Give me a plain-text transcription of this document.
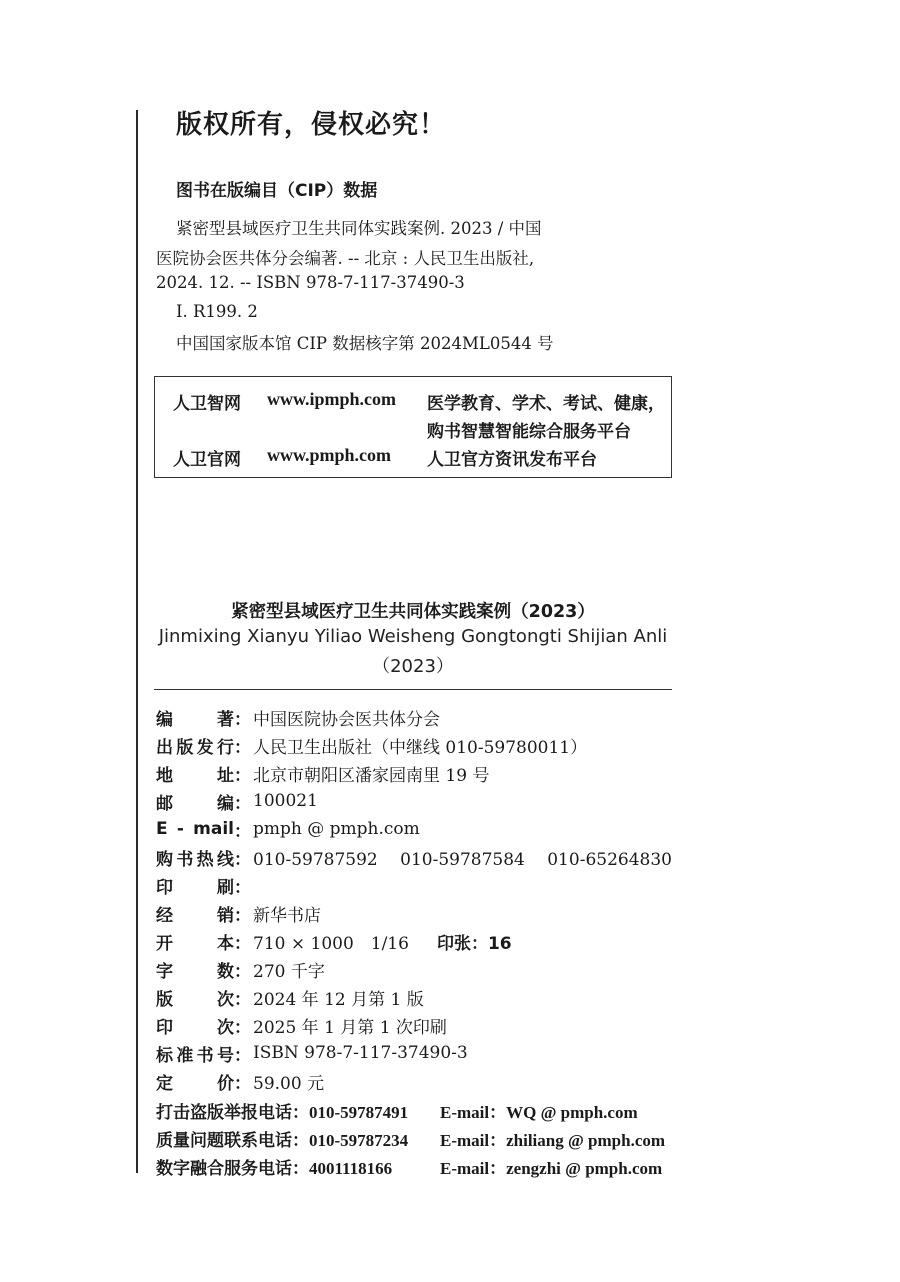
版权所有，侵权必究！
图书在版编目（CIP）数据
紧密型县域医疗卫生共同体实践案例. 2023 / 中国
医院协会医共体分会编著. -- 北京 : 人民卫生出版社,
2024. 12. -- ISBN 978-7-117-37490-3
Ⅰ. R199. 2
中国国家版本馆 CIP 数据核字第 2024ML0544 号
人卫智网 www.ipmph.com 医学教育、学术、考试、健康，
购书智慧智能综合服务平台
人卫官网 www.pmph.com 人卫官方资讯发布平台
紧密型县域医疗卫生共同体实践案例（2023）
Jinmixing Xianyu Yiliao Weisheng Gongtongti Shijian Anli
（2023）
编　　著 ： 中国医院协会医共体分会
出版发行 ： 人民卫生出版社（中继线 010-59780011）
地　　址 ： 北京市朝阳区潘家园南里 19 号
邮　　编 ： 100021
E - mail ： pmph @ pmph.com
购书热线 ： 010-59787592　 010-59787584　 010-65264830
印　　刷 ：
经　　销 ： 新华书店
开　　本 ： 710 × 1000　1/16 印张：16
字　　数 ： 270 千字
版　　次 ： 2024 年 12 月第 1 版
印　　次 ： 2025 年 1 月第 1 次印刷
标准书号 ： ISBN 978-7-117-37490-3
定　　价 ： 59.00 元
打击盗版举报电话：010-59787491 E-mail：WQ @ pmph.com
质量问题联系电话：010-59787234 E-mail：zhiliang @ pmph.com
数字融合服务电话：4001118166	E-mail：zengzhi @ pmph.com
